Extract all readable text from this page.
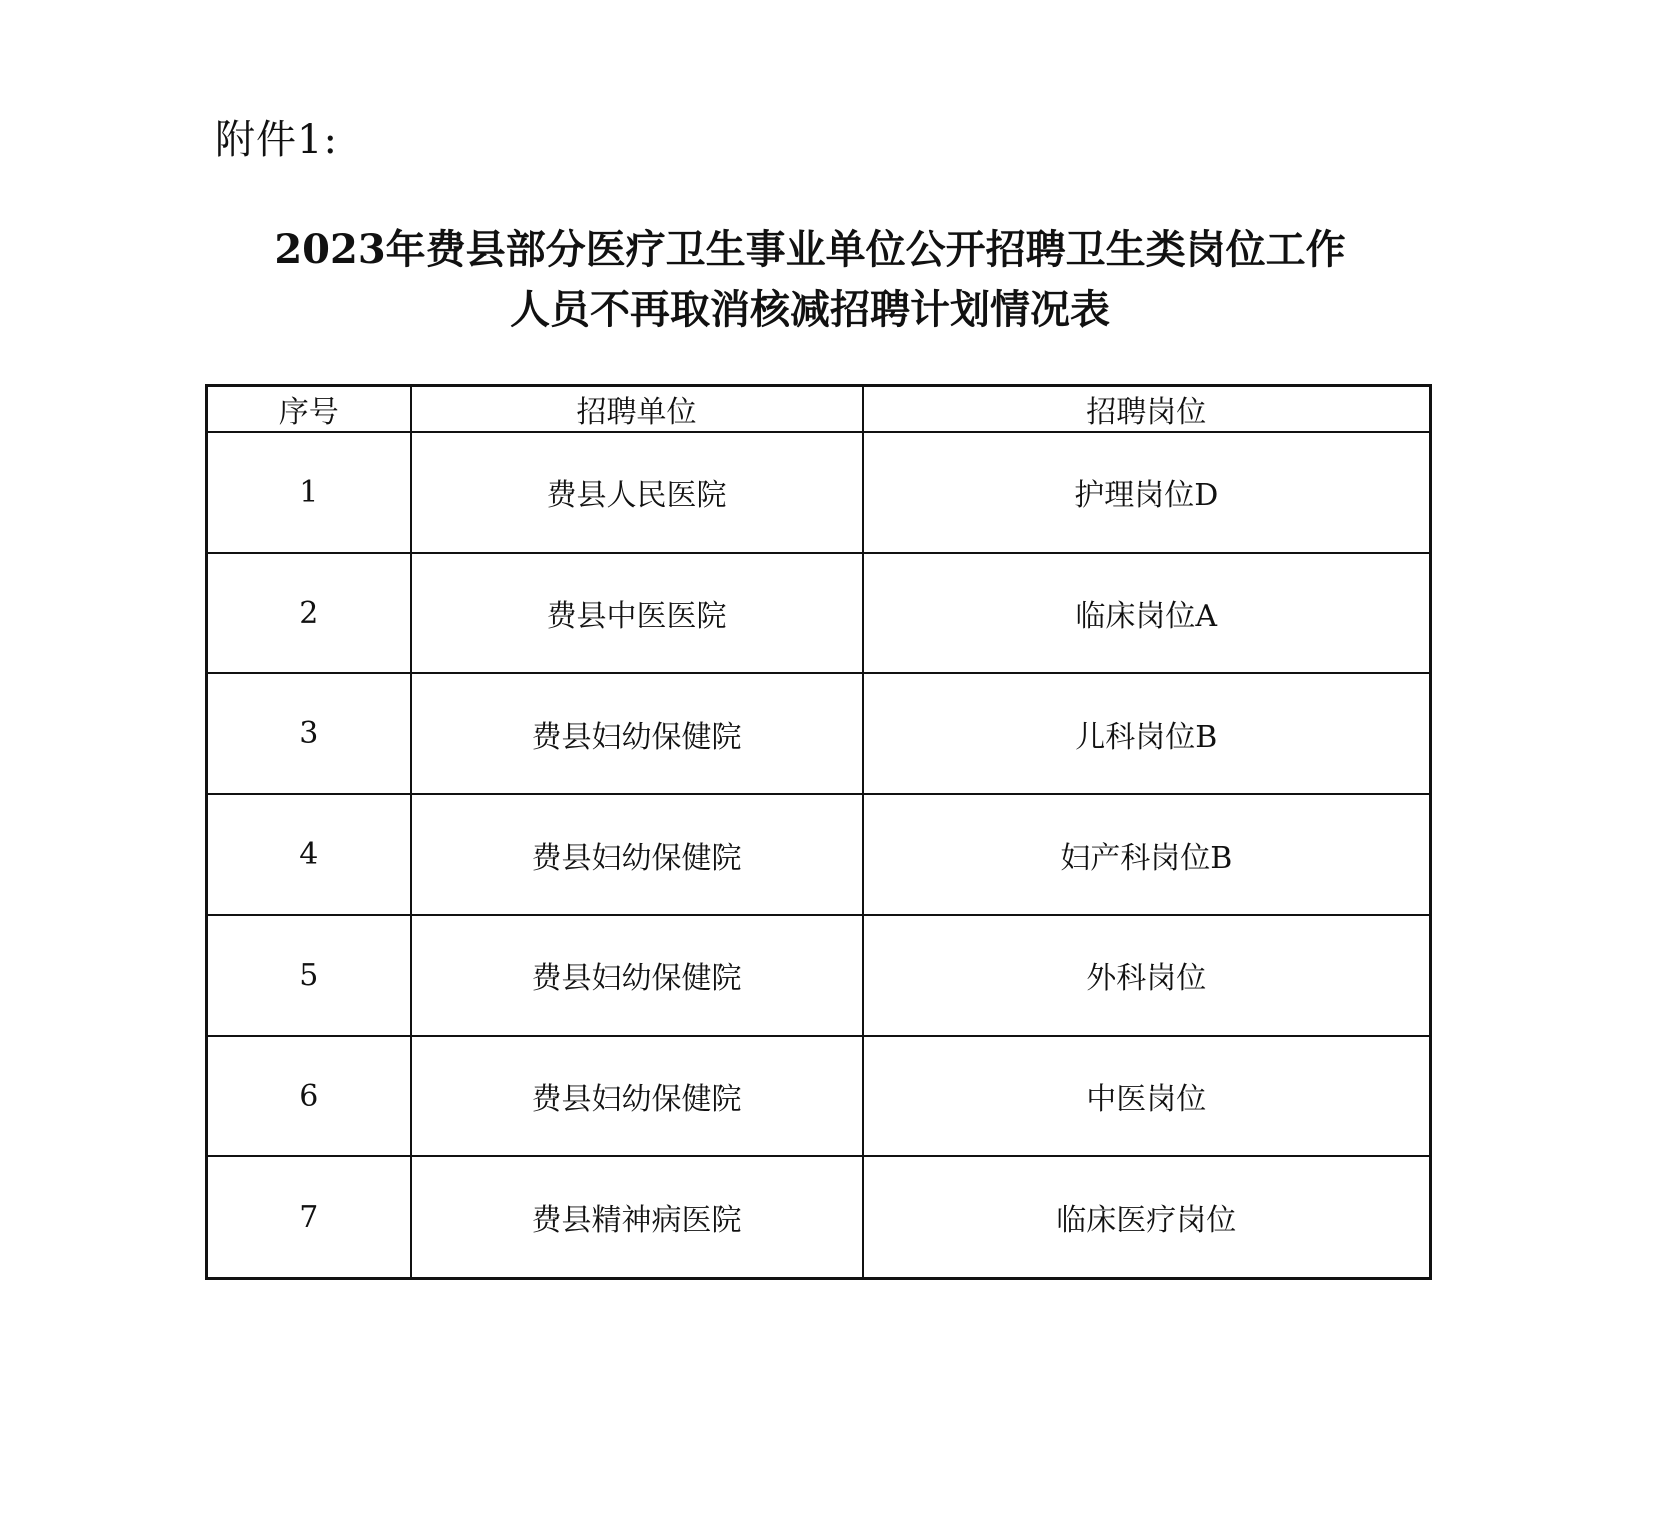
附件1:
2023年费县部分医疗卫生事业单位公开招聘卫生类岗位工作
人员不再取消核减招聘计划情况表
序号	招聘单位	招聘岗位
1	费县人民医院	护理岗位D
2	费县中医医院	临床岗位A
3	费县妇幼保健院	儿科岗位B
4	费县妇幼保健院	妇产科岗位B
5	费县妇幼保健院	外科岗位
6	费县妇幼保健院	中医岗位
7	费县精神病医院	临床医疗岗位
